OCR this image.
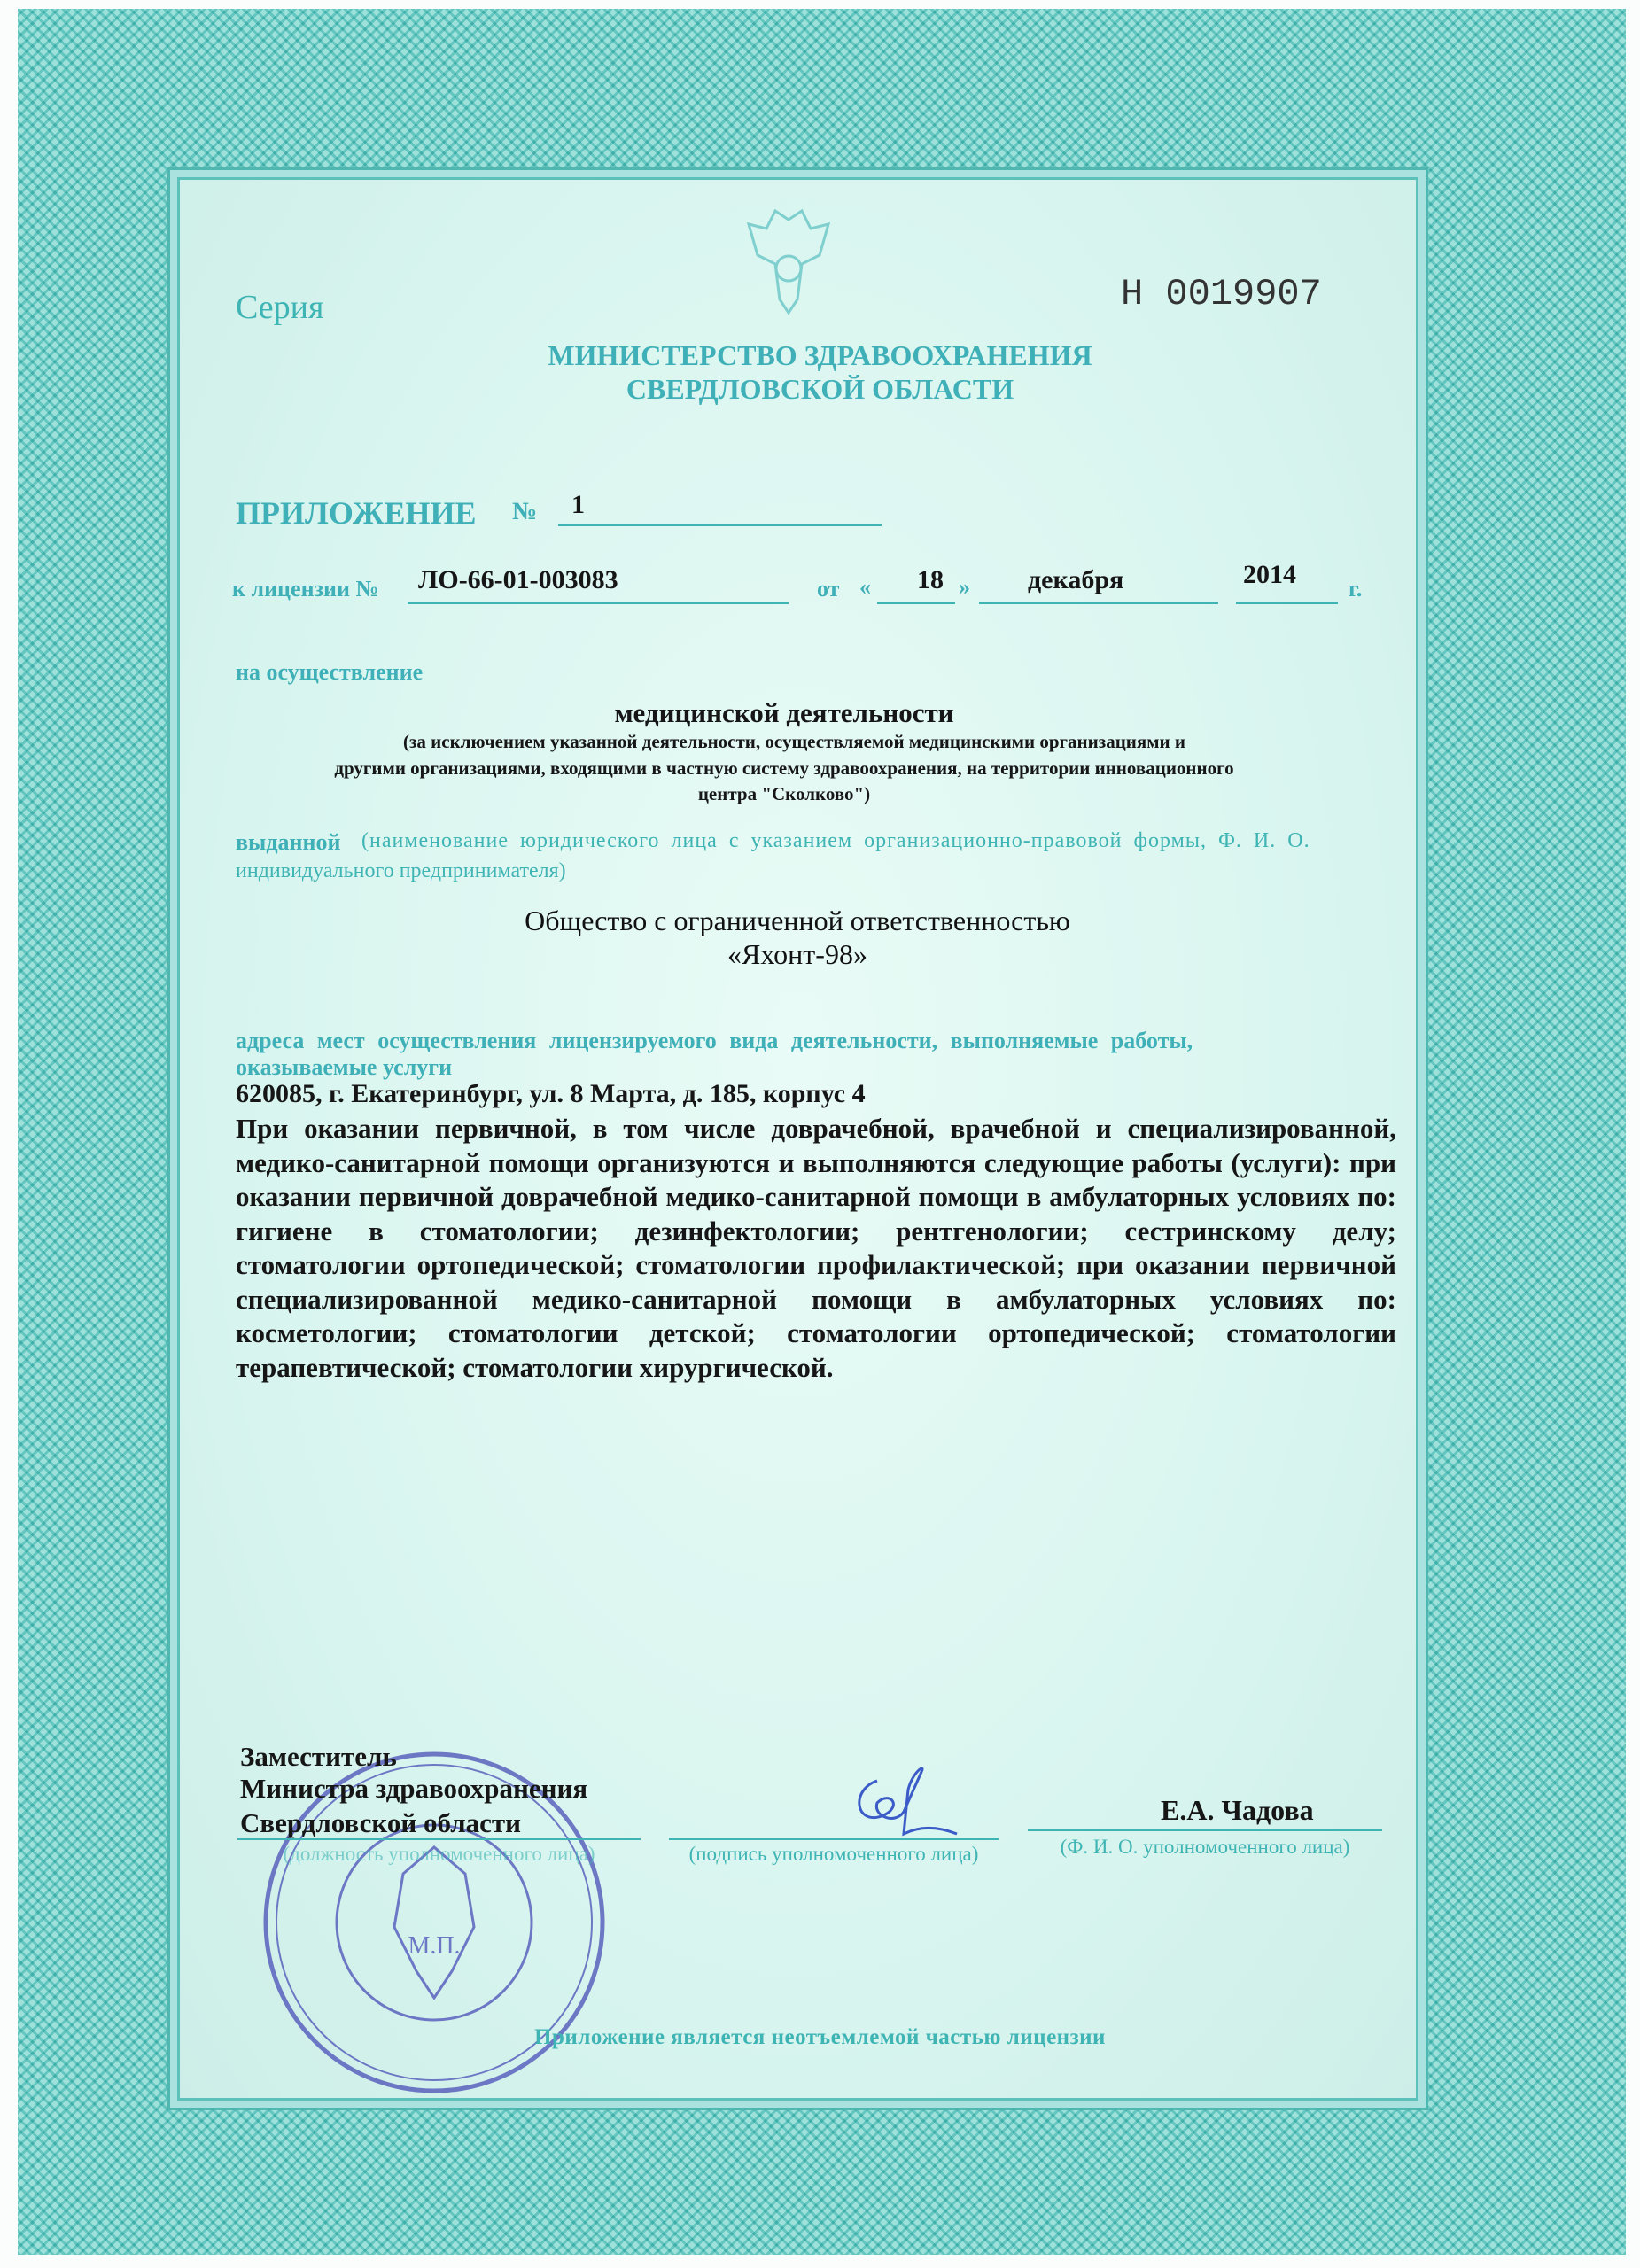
Серия	Н 0019907
МИНИСТЕРСТВО ЗДРАВООХРАНЕНИЯ
СВЕРДЛОВСКОЙ ОБЛАСТИ
ПРИЛОЖЕНИЕ № 1
к лицензии № ЛО-66-01-003083	от « 18 » декабря	2014 г.
на осуществление
медицинской деятельности
(за исключением указанной деятельности, осуществляемой медицинскими организациями и
другими организациями, входящими в частную систему здравоохранения, на территории инновационного
центра "Сколково")
выданной (наименование юридического лица с указанием организационно-правовой формы, Ф. И. О.
индивидуального предпринимателя)
Общество с ограниченной ответственностью
«Яхонт-98»
адреса мест осуществления лицензируемого вида деятельности, выполняемые работы,
оказываемые услуги
620085, г. Екатеринбург, ул. 8 Марта, д. 185, корпус 4
При оказании первичной, в том числе доврачебной, врачебной и специализированной, медико-санитарной помощи организуются и выполняются следующие работы (услуги): при оказании первичной доврачебной медико-санитарной помощи в амбулаторных условиях по: гигиене в стоматологии; дезинфектологии; рентгенологии; сестринскому делу; стоматологии ортопедической; стоматологии профилактической; при оказании первичной специализированной медико-санитарной помощи в амбулаторных условиях по: косметологии; стоматологии детской; стоматологии ортопедической; стоматологии терапевтической; стоматологии хирургической.
М.П.
Заместитель
Министра здравоохранения
Свердловской области
(должность уполномоченного лица)	(подпись уполномоченного лица)
Е.А. Чадова
(Ф. И. О. уполномоченного лица)
Приложение является неотъемлемой частью лицензии
